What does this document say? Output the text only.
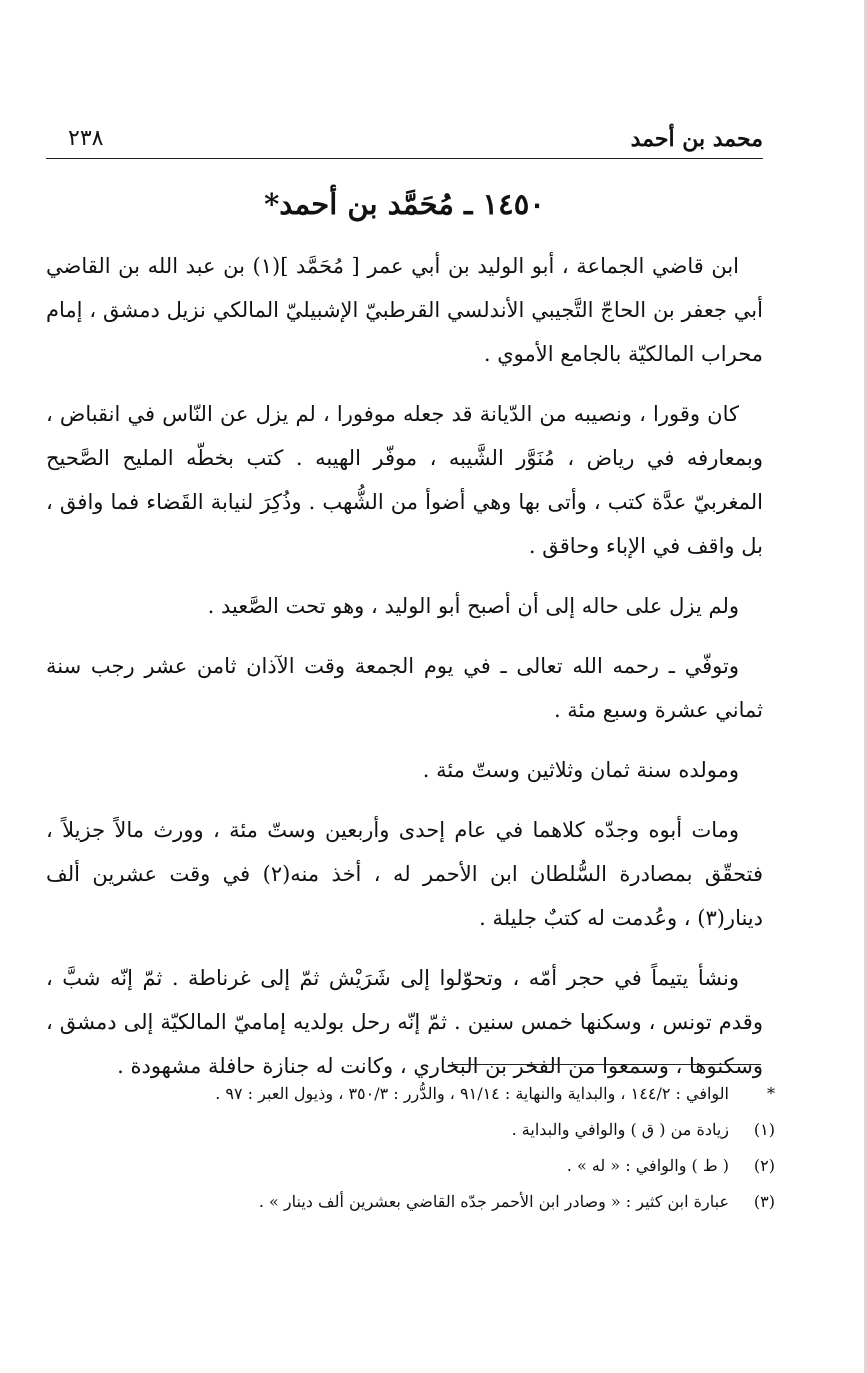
محمد بن أحمد
٢٣٨
١٤٥٠ ـ مُحَمَّد بن أحمد*

ابن قاضي الجماعة ، أبو الوليد بن أبي عمر [ مُحَمَّد ](١) بن عبد الله بن القاضي أبي جعفر بن الحاجّ التَّجيبي الأندلسي القرطبيّ الإشبيليّ المالكي نزيل دمشق ، إمام محراب المالكيّة بالجامع الأموي .

كان وقورا ، ونصيبه من الدّيانة قد جعله موفورا ، لم يزل عن النّاس في انقباض ، وبمعارفه في رياض ، مُنَوَّر الشَّيبه ، موفّر الهيبه . كتب بخطّه المليح الصَّحيح المغربيّ عدَّة كتب ، وأتى بها وهي أضوأ من الشُّهب . وذُكِرَ لنيابة القَضاء فما وافق ، بل واقف في الإباء وحاقق .

ولم يزل على حاله إلى أن أصبح أبو الوليد ، وهو تحت الصَّعيد .

وتوفّي ـ رحمه الله تعالى ـ في يوم الجمعة وقت الآذان ثامن عشر رجب سنة ثماني عشرة وسبع مئة .

ومولده سنة ثمان وثلاثين وستّ مئة .

ومات أبوه وجدّه كلاهما في عام إحدى وأربعين وستّ مئة ، وورث مالاً جزيلاً ، فتحقّق بمصادرة السُّلطان ابن الأحمر له ، أخذ منه(٢) في وقت عشرين ألف دينار(٣) ، وعُدمت له كتبٌ جليلة .

ونشأ يتيماً في حجر أمّه ، وتحوّلوا إلى شَرَيْش ثمّ إلى غرناطة . ثمّ إنّه شبَّ ، وقدم تونس ، وسكنها خمس سنين . ثمّ إنّه رحل بولديه إماميّ المالكيّة إلى دمشق ، وسكنوها ، وسمعوا من الفخر بن البخاري ، وكانت له جنازة حافلة مشهودة .

*
الوافي : ١٤٤/٢ ، والبداية والنهاية : ٩١/١٤ ، والدُّرر : ٣٥٠/٣ ، وذيول العبر : ٩٧ .
(١)
زيادة من ( ق ) والوافي والبداية .
(٢)
( ط ) والوافي : « له » .
(٣)
عبارة ابن كثير : « وصادر ابن الأحمر جدّه القاضي بعشرين ألف دينار » .
